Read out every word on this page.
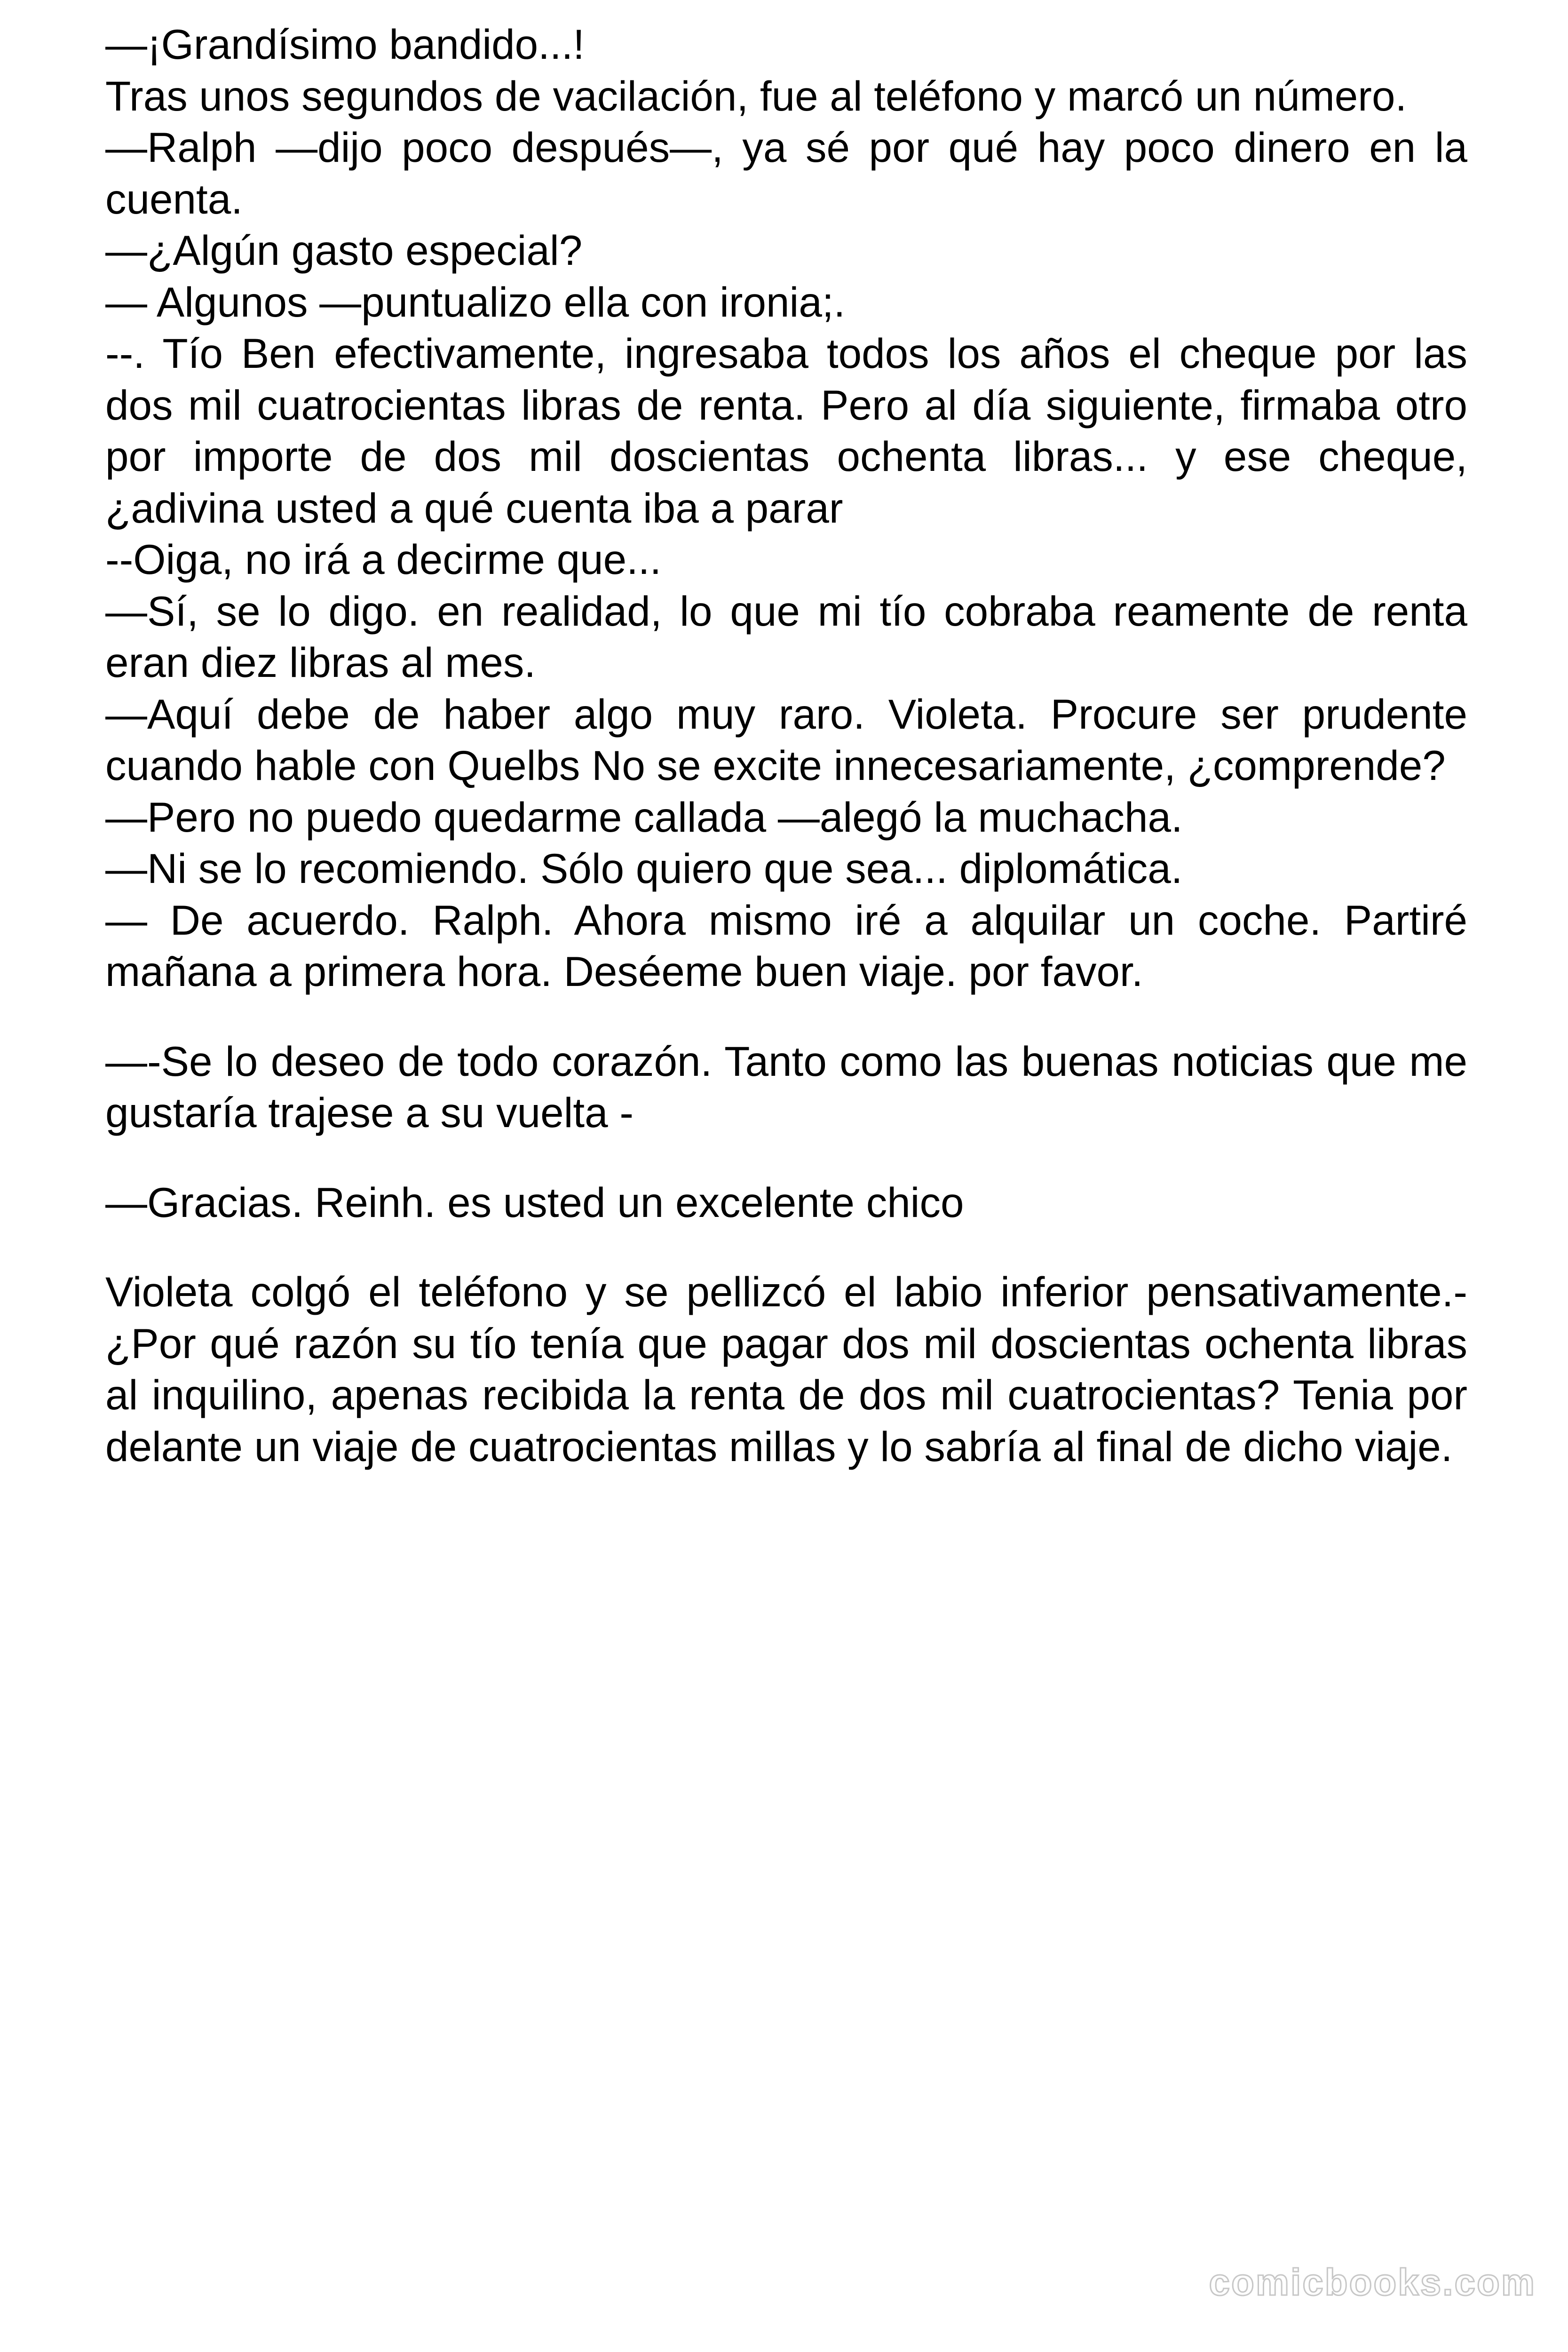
—¡Grandísimo bandido...!

Tras unos segundos de vacilación, fue al teléfono y marcó un número.

—Ralph —dijo poco después—, ya sé por qué hay poco dinero en la cuenta.

—¿Algún gasto especial?

— Algunos —puntualizo ella con ironia;.

--. Tío Ben efectivamente, ingresaba todos los años el cheque por las dos mil cuatrocientas libras de renta. Pero al día siguiente, firmaba otro por importe de dos mil doscientas ochenta libras... y ese cheque, ¿adivina usted a qué cuenta iba a parar

--Oiga, no irá a decirme que...

—Sí, se lo digo. en realidad, lo que mi tío cobraba reamente de renta eran diez libras al mes.

—Aquí debe de haber algo muy raro. Violeta. Procure ser prudente cuando hable con Quelbs No se excite innecesariamente, ¿comprende?

—Pero no puedo quedarme callada —alegó la muchacha.

—Ni se lo recomiendo. Sólo quiero que sea... diplomática.

— De acuerdo. Ralph. Ahora mismo iré a alquilar un coche. Partiré mañana a primera hora. Deséeme buen viaje. por favor.

—-Se lo deseo de todo corazón. Tanto como las buenas noticias que me gustaría trajese a su vuelta -

—Gracias. Reinh. es usted un excelente chico

Violeta colgó el teléfono y se pellizcó el labio inferior pensativamente.- ¿Por qué razón su tío tenía que pagar dos mil doscientas ochenta libras al inquilino, apenas recibida la renta de dos mil cuatrocientas? Tenia por delante un viaje de cuatrocientas millas y lo sabría al final de dicho viaje.

comicbooks.com
